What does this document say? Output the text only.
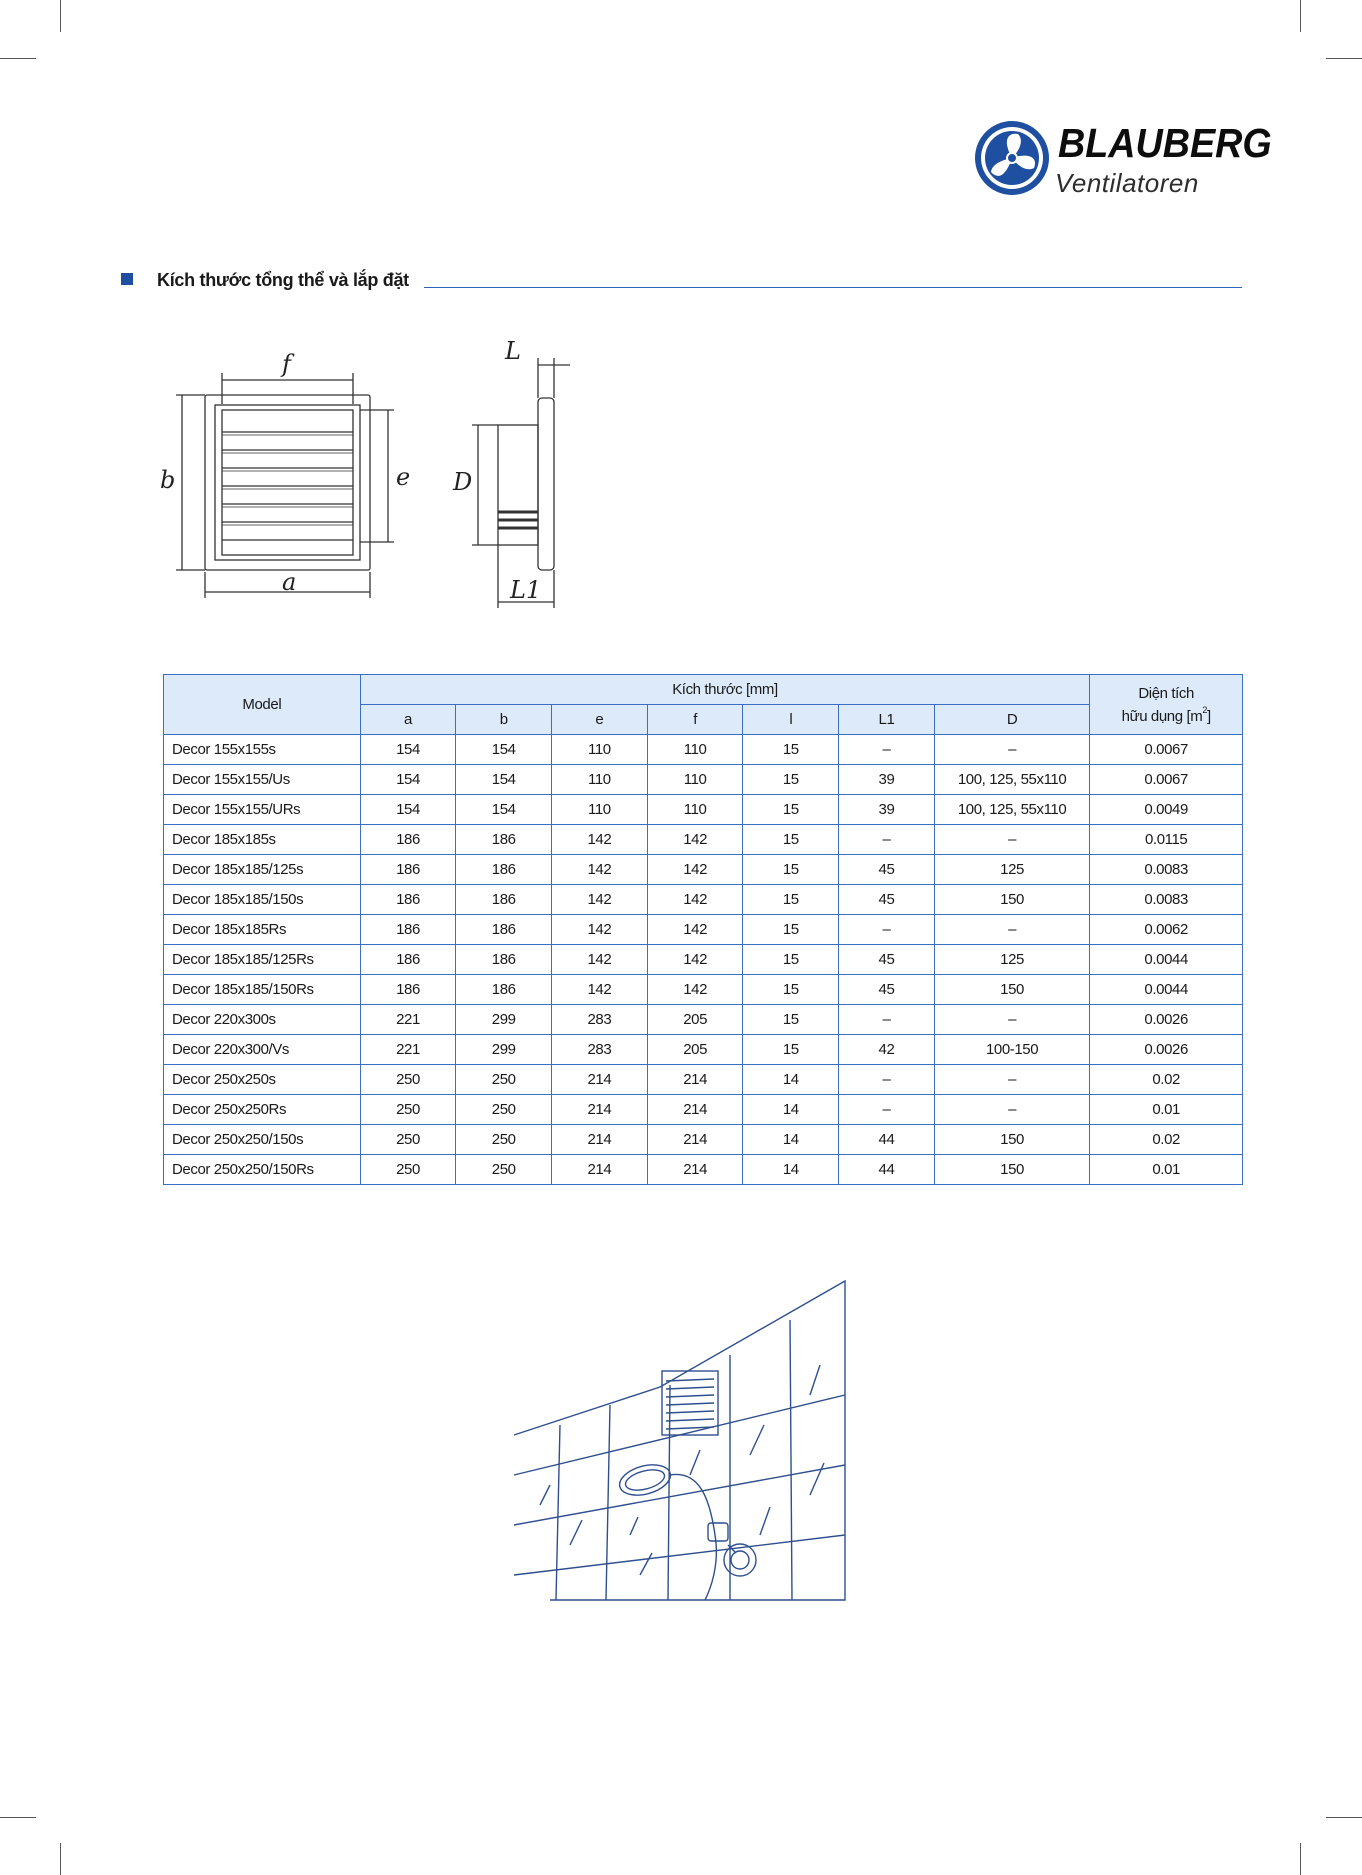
BLAUBERG
Ventilatoren
Kích thước tổng thể và lắp đặt
f
a
b	e D
L
L1
Model	Kích thước [mm]							Diện tích
hữu dụng $[m^2]$
	a	b	e	f	l	L1	D	
Decor 155x155s	154	154	110	110	15	–	–	0.0067
Decor 155x155/Us	154	154	110	110	15	39	100, 125, 55x110	0.0067
Decor 155x155/URs	154	154	110	110	15	39	100, 125, 55x110	0.0049
Decor 185x185s	186	186	142	142	15	–	–	0.0115
Decor 185x185/125s	186	186	142	142	15	45	125	0.0083
Decor 185x185/150s	186	186	142	142	15	45	150	0.0083
Decor 185x185Rs	186	186	142	142	15	–	–	0.0062
Decor 185x185/125Rs	186	186	142	142	15	45	125	0.0044
Decor 185x185/150Rs	186	186	142	142	15	45	150	0.0044
Decor 220x300s	221	299	283	205	15	–	–	0.0026
Decor 220x300/Vs	221	299	283	205	15	42	100-150	0.0026
Decor 250x250s	250	250	214	214	14	–	–	0.02
Decor 250x250Rs	250	250	214	214	14	–	–	0.01
Decor 250x250/150s	250	250	214	214	14	44	150	0.02
Decor 250x250/150Rs	250	250	214	214	14	44	150	0.01
